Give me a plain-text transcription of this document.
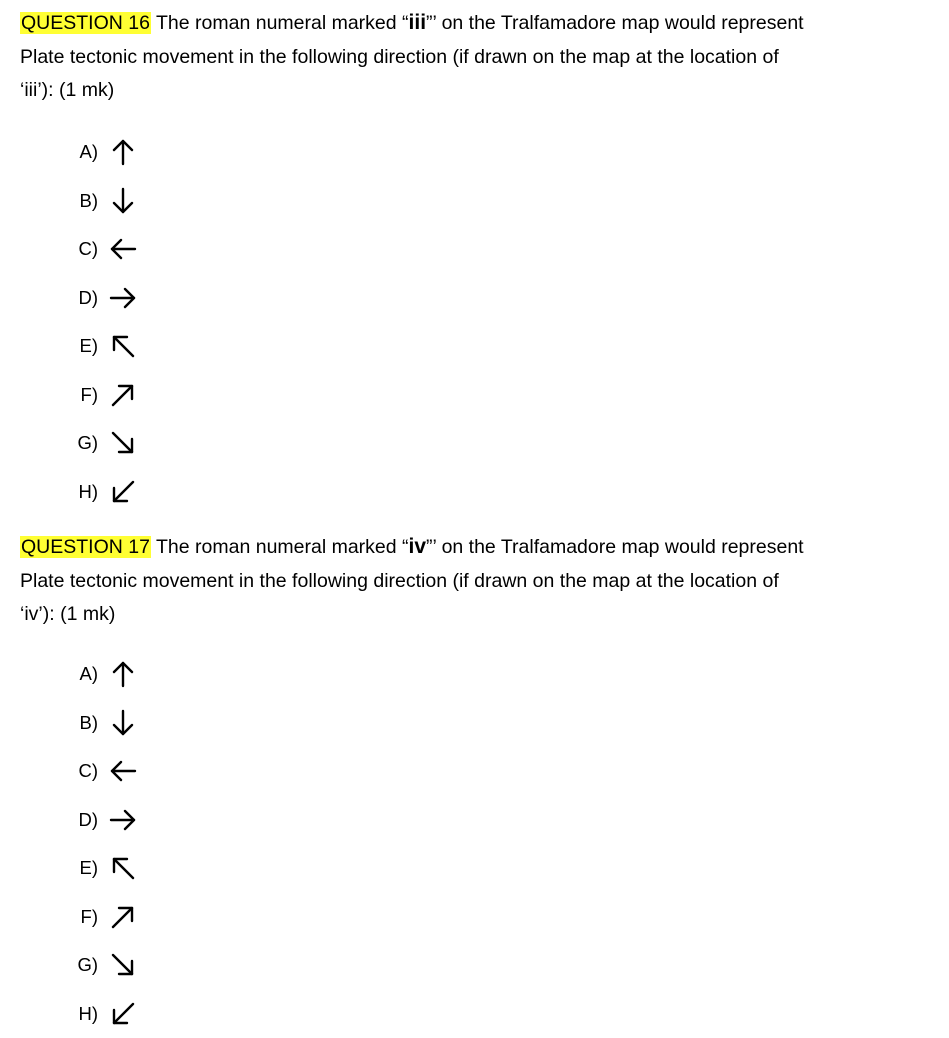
QUESTION 16 The roman numeral marked “iii”’ on the Tralfamadore map would represent
Plate tectonic movement in the following direction (if drawn on the map at the location of
‘iii’): (1 mk)

A)
B)
C)
D)
E)
F)
G)
H)

QUESTION 17 The roman numeral marked “iv”’ on the Tralfamadore map would represent
Plate tectonic movement in the following direction (if drawn on the map at the location of
‘iv’): (1 mk)

A)
B)
C)
D)
E)
F)
G)
H)
